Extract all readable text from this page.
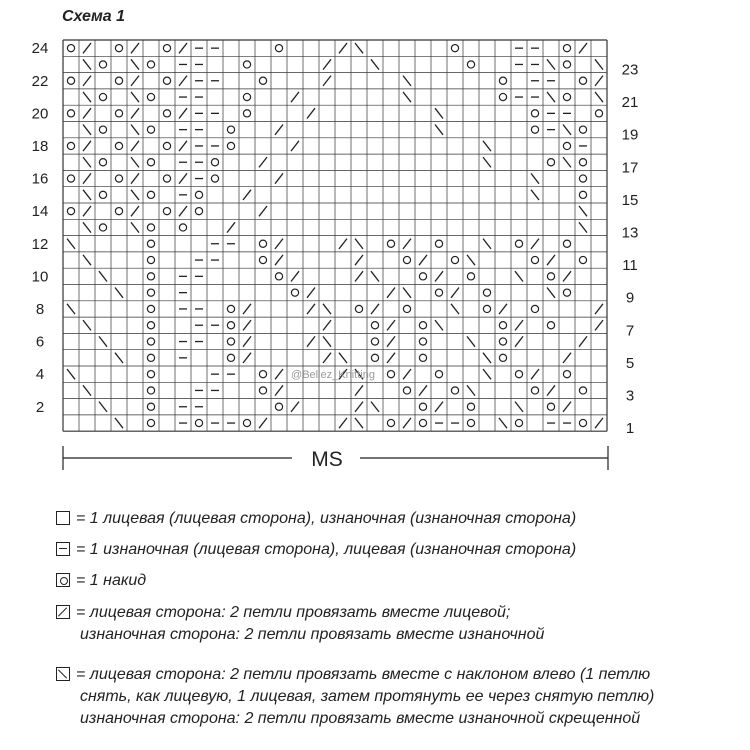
Схема 1
24
22
20
18
16
14
12
10
8
6
4
2
23
21
19
17
15
13
11
9
7
5
3
1
MS
@Bellez_Knitting
= 1 лицевая (лицевая сторона), изнаночная (изнаночная сторона)
= 1 изнаночная (лицевая сторона), лицевая (изнаночная сторона)
= 1 накид
= лицевая сторона: 2 петли провязать вместе лицевой;
изнаночная сторона: 2 петли провязать вместе изнаночной
= лицевая сторона: 2 петли провязать вместе с наклоном влево (1 петлю
снять, как лицевую, 1 лицевая, затем протянуть ее через снятую петлю)
изнаночная сторона: 2 петли провязать вместе изнаночной скрещенной
